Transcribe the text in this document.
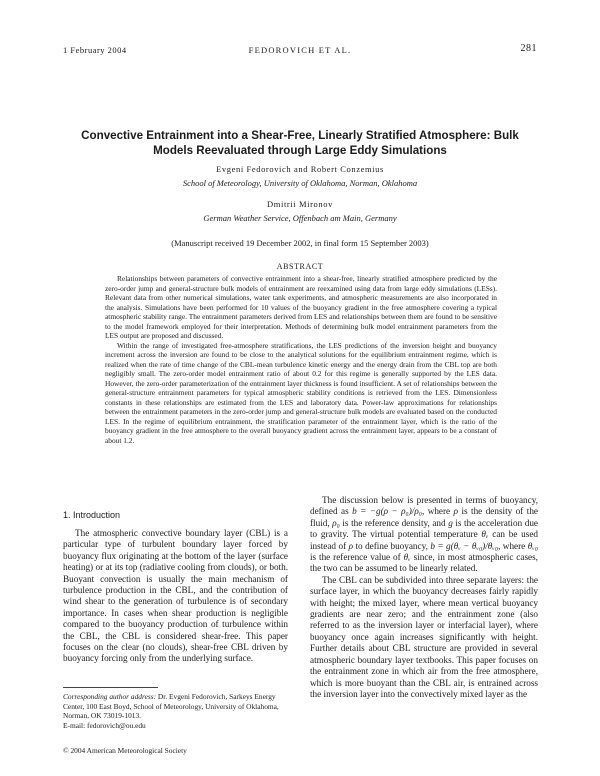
1 February 2004	FEDOROVICH ET AL.	281
Convective Entrainment into a Shear-Free, Linearly Stratified Atmosphere: Bulk Models Reevaluated through Large Eddy Simulations
Evgeni Fedorovich and Robert Conzemius
School of Meteorology, University of Oklahoma, Norman, Oklahoma
Dmitrii Mironov
German Weather Service, Offenbach am Main, Germany
(Manuscript received 19 December 2002, in final form 15 September 2003)
ABSTRACT

Relationships between parameters of convective entrainment into a shear-free, linearly stratified atmosphere predicted by the zero-order jump and general-structure bulk models of entrainment are reexamined using data from large eddy simulations (LESs). Relevant data from other numerical simulations, water tank experiments, and atmospheric measurements are also incorporated in the analysis. Simulations have been performed for 10 values of the buoyancy gradient in the free atmosphere covering a typical atmospheric stability range. The entrainment parameters derived from LES and relationships between them are found to be sensitive to the model framework employed for their interpretation. Methods of determining bulk model entrainment parameters from the LES output are proposed and discussed.

Within the range of investigated free-atmosphere stratifications, the LES predictions of the inversion height and buoyancy increment across the inversion are found to be close to the analytical solutions for the equilibrium entrainment regime, which is realized when the rate of time change of the CBL-mean turbulence kinetic energy and the energy drain from the CBL top are both negligibly small. The zero-order model entrainment ratio of about 0.2 for this regime is generally supported by the LES data. However, the zero-order parameterization of the entrainment layer thickness is found insufficient. A set of relationships between the general-structure entrainment parameters for typical atmospheric stability conditions is retrieved from the LES. Dimensionless constants in these relationships are estimated from the LES and laboratory data. Power-law approximations for relationships between the entrainment parameters in the zero-order jump and general-structure bulk models are evaluated based on the conducted LES. In the regime of equilibrium entrainment, the stratification parameter of the entrainment layer, which is the ratio of the buoyancy gradient in the free atmosphere to the overall buoyancy gradient across the entrainment layer, appears to be a constant of about 1.2.

1. Introduction

The atmospheric convective boundary layer (CBL) is a particular type of turbulent boundary layer forced by buoyancy flux originating at the bottom of the layer (surface heating) or at its top (radiative cooling from clouds), or both. Buoyant convection is usually the main mechanism of turbulence production in the CBL, and the contribution of wind shear to the generation of turbulence is of secondary importance. In cases when shear production is negligible compared to the buoyancy production of turbulence within the CBL, the CBL is considered shear-free. This paper focuses on the clear (no clouds), shear-free CBL driven by buoyancy forcing only from the underlying surface.

The discussion below is presented in terms of buoyancy, defined as b = −g(ρ − ρ₀)/ρ₀, where ρ is the density of the fluid, ρ₀ is the reference density, and g is the acceleration due to gravity. The virtual potential temperature θᵥ can be used instead of ρ to define buoyancy, b = g(θᵥ − θᵥ₀)/θᵥ₀, where θᵥ₀ is the reference value of θᵥ since, in most atmospheric cases, the two can be assumed to be linearly related.

The CBL can be subdivided into three separate layers: the surface layer, in which the buoyancy decreases fairly rapidly with height; the mixed layer, where mean vertical buoyancy gradients are near zero; and the entrainment zone (also referred to as the inversion layer or interfacial layer), where buoyancy once again increases significantly with height. Further details about CBL structure are provided in several atmospheric boundary layer textbooks. This paper focuses on the entrainment zone in which air from the free atmosphere, which is more buoyant than the CBL air, is entrained across the inversion layer into the convectively mixed layer as the

Corresponding author address: Dr. Evgeni Fedorovich, Sarkeys Energy Center, 100 East Boyd, School of Meteorology, University of Oklahoma, Norman, OK 73019-1013.
E-mail: fedorovich@ou.edu
© 2004 American Meteorological Society
